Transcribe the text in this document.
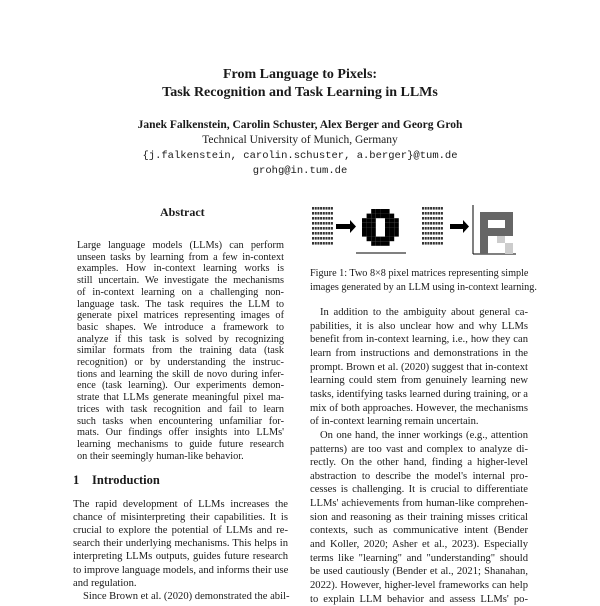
From Language to Pixels:
Task Recognition and Task Learning in LLMs
Janek Falkenstein, Carolin Schuster, Alex Berger and Georg Groh
Technical University of Munich, Germany
{j.falkenstein, carolin.schuster, a.berger}@tum.de
grohg@in.tum.de
Abstract
Large language models (LLMs) can perform
unseen tasks by learning from a few in-context
examples. How in-context learning works is
still uncertain. We investigate the mechanisms
of in-context learning on a challenging non-
language task. The task requires the LLM to
generate pixel matrices representing images of
basic shapes. We introduce a framework to
analyze if this task is solved by recognizing
similar formats from the training data (task
recognition) or by understanding the instruc-
tions and learning the skill de novo during infer-
ence (task learning). Our experiments demon-
strate that LLMs generate meaningful pixel ma-
trices with task recognition and fail to learn
such tasks when encountering unfamiliar for-
mats. Our findings offer insights into LLMs'
learning mechanisms to guide future research
on their seemingly human-like behavior.
1 Introduction
The rapid development of LLMs increases the
chance of misinterpreting their capabilities. It is
crucial to explore the potential of LLMs and re-
search their underlying mechanisms. This helps in
interpreting LLMs outputs, guides future research
to improve language models, and informs their use
and regulation.
Since Brown et al. (2020) demonstrated the abil-
Figure 1: Two 8×8 pixel matrices representing simple
images generated by an LLM using in-context learning.
In addition to the ambiguity about general ca-
pabilities, it is also unclear how and why LLMs
benefit from in-context learning, i.e., how they can
learn from instructions and demonstrations in the
prompt. Brown et al. (2020) suggest that in-context
learning could stem from genuinely learning new
tasks, identifying tasks learned during training, or a
mix of both approaches. However, the mechanisms
of in-context learning remain uncertain.
On one hand, the inner workings (e.g., attention
patterns) are too vast and complex to analyze di-
rectly. On the other hand, finding a higher-level
abstraction to describe the model's internal pro-
cesses is challenging. It is crucial to differentiate
LLMs' achievements from human-like comprehen-
sion and reasoning as their training misses critical
contexts, such as communicative intent (Bender
and Koller, 2020; Asher et al., 2023). Especially
terms like "learning" and "understanding" should
be used cautiously (Bender et al., 2021; Shanahan,
2022). However, higher-level frameworks can help
to explain LLM behavior and assess LLMs' po-
